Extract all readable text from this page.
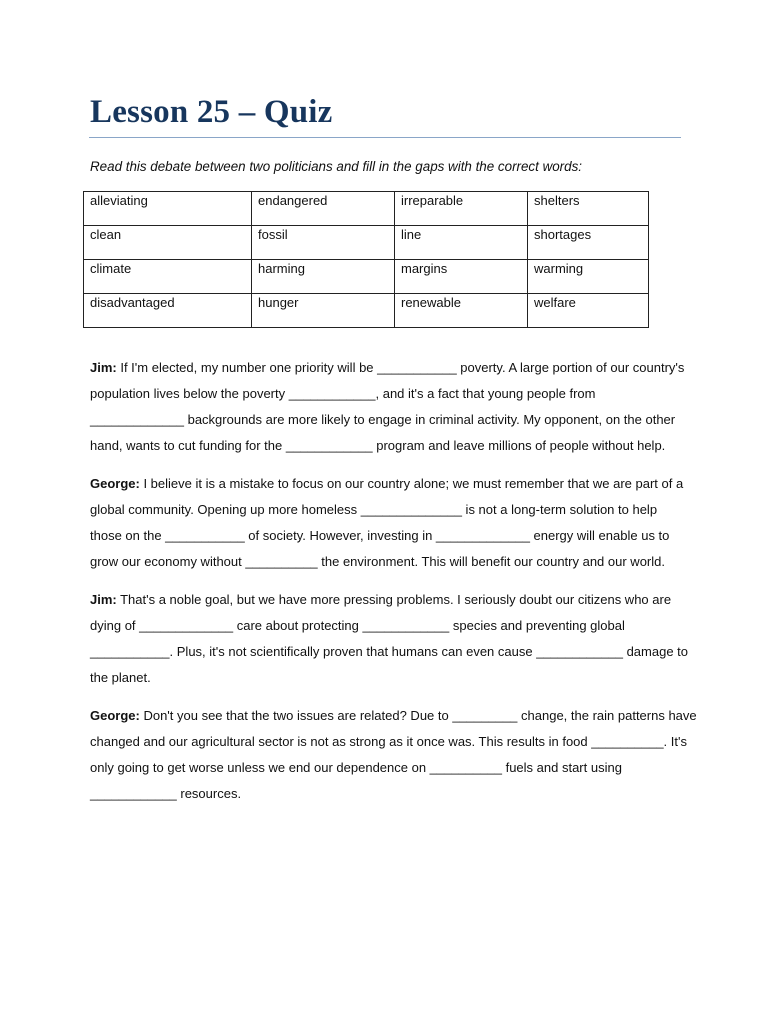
Lesson 25 – Quiz
Read this debate between two politicians and fill in the gaps with the correct words:
alleviating	endangered	irreparable	shelters

clean	fossil	line	shortages

climate	harming	margins	warming

disadvantaged	hunger	renewable	welfare

Jim: If I'm elected, my number one priority will be ___________ poverty. A large portion of our country's
population lives below the poverty ____________, and it's a fact that young people from
_____________ backgrounds are more likely to engage in criminal activity. My opponent, on the other
hand, wants to cut funding for the ____________ program and leave millions of people without help.

George: I believe it is a mistake to focus on our country alone; we must remember that we are part of a
global community. Opening up more homeless ______________ is not a long-term solution to help
those on the ___________ of society. However, investing in _____________ energy will enable us to
grow our economy without __________ the environment. This will benefit our country and our world.

Jim: That's a noble goal, but we have more pressing problems. I seriously doubt our citizens who are
dying of _____________ care about protecting ____________ species and preventing global
___________. Plus, it's not scientifically proven that humans can even cause ____________ damage to
the planet.

George: Don't you see that the two issues are related? Due to _________ change, the rain patterns have
changed and our agricultural sector is not as strong as it once was. This results in food __________. It's
only going to get worse unless we end our dependence on __________ fuels and start using
____________ resources.
